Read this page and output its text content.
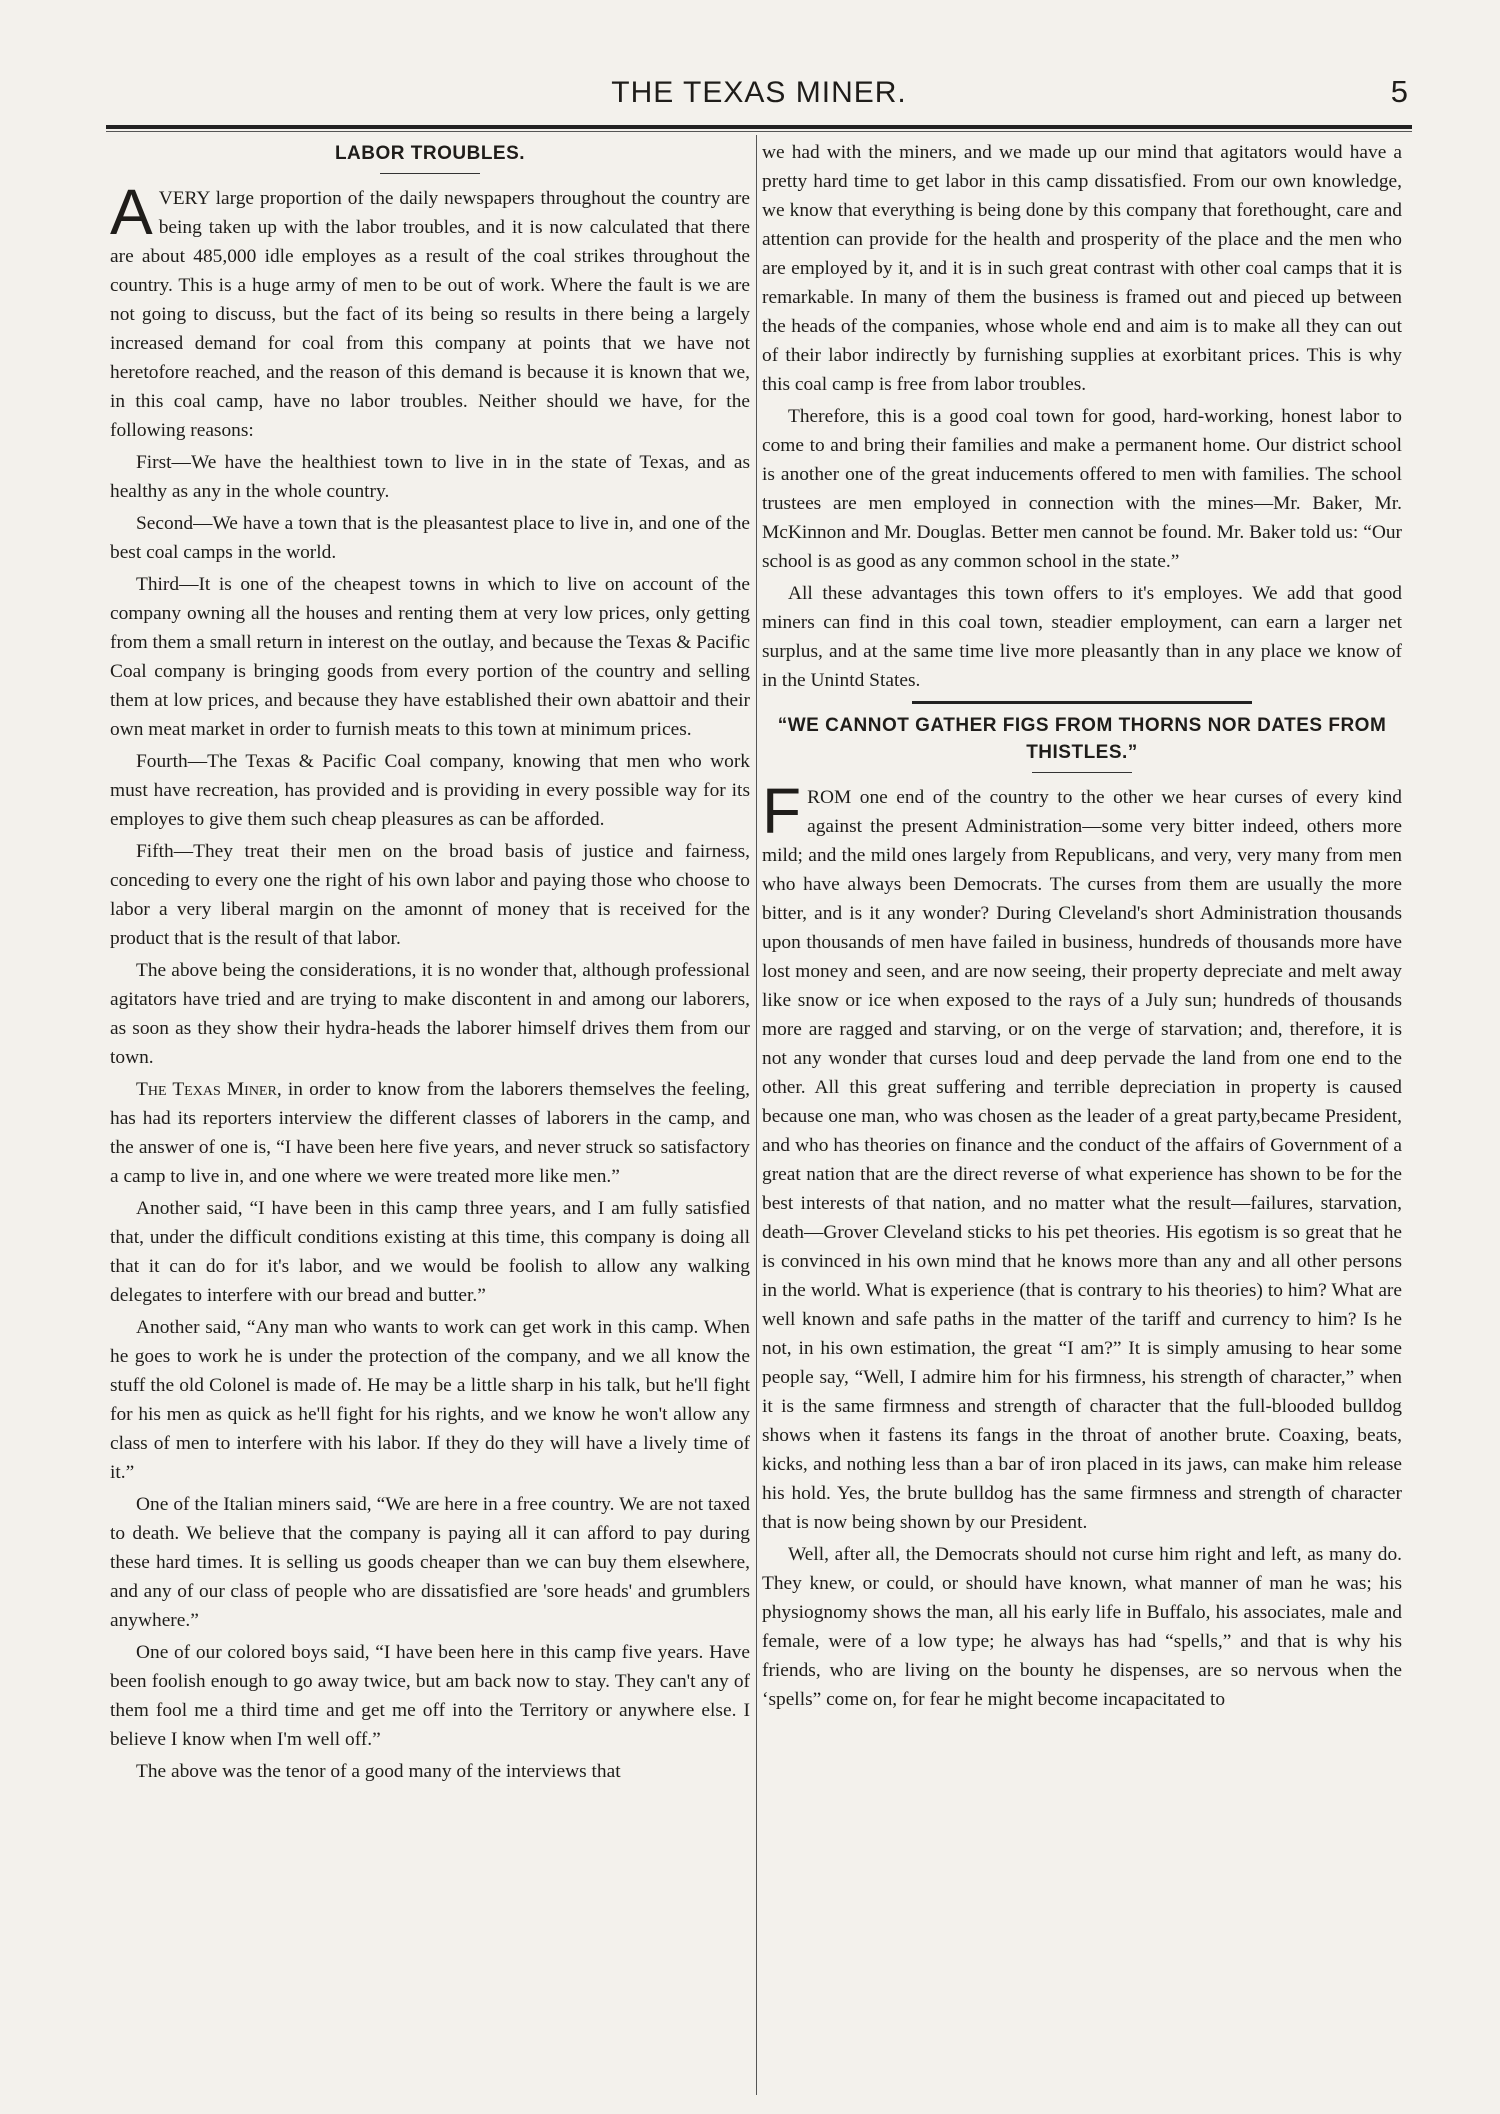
THE TEXAS MINER.	5
LABOR TROUBLES.

AVERY large proportion of the daily newspapers throughout the country are being taken up with the labor troubles, and it is now calculated that there are about 485,000 idle employes as a result of the coal strikes throughout the country. This is a huge army of men to be out of work. Where the fault is we are not going to discuss, but the fact of its being so results in there being a largely increased demand for coal from this company at points that we have not heretofore reached, and the reason of this demand is because it is known that we, in this coal camp, have no labor troubles. Neither should we have, for the following reasons:

First—We have the healthiest town to live in in the state of Texas, and as healthy as any in the whole country.

Second—We have a town that is the pleasantest place to live in, and one of the best coal camps in the world.

Third—It is one of the cheapest towns in which to live on account of the company owning all the houses and renting them at very low prices, only getting from them a small return in interest on the outlay, and because the Texas & Pacific Coal company is bringing goods from every portion of the country and selling them at low prices, and because they have established their own abattoir and their own meat market in order to furnish meats to this town at minimum prices.

Fourth—The Texas & Pacific Coal company, knowing that men who work must have recreation, has provided and is providing in every possible way for its employes to give them such cheap pleasures as can be afforded.

Fifth—They treat their men on the broad basis of justice and fairness, conceding to every one the right of his own labor and paying those who choose to labor a very liberal margin on the amonnt of money that is received for the product that is the result of that labor.

The above being the considerations, it is no wonder that, although professional agitators have tried and are trying to make discontent in and among our laborers, as soon as they show their hydra-heads the laborer himself drives them from our town.

The Texas Miner, in order to know from the laborers themselves the feeling, has had its reporters interview the different classes of laborers in the camp, and the answer of one is, “I have been here five years, and never struck so satisfactory a camp to live in, and one where we were treated more like men.”

Another said, “I have been in this camp three years, and I am fully satisfied that, under the difficult conditions existing at this time, this company is doing all that it can do for it's labor, and we would be foolish to allow any walking delegates to interfere with our bread and butter.”

Another said, “Any man who wants to work can get work in this camp. When he goes to work he is under the protection of the company, and we all know the stuff the old Colonel is made of. He may be a little sharp in his talk, but he'll fight for his men as quick as he'll fight for his rights, and we know he won't allow any class of men to interfere with his labor. If they do they will have a lively time of it.”

One of the Italian miners said, “We are here in a free country. We are not taxed to death. We believe that the company is paying all it can afford to pay during these hard times. It is selling us goods cheaper than we can buy them elsewhere, and any of our class of people who are dissatisfied are 'sore heads' and grumblers anywhere.”

One of our colored boys said, “I have been here in this camp five years. Have been foolish enough to go away twice, but am back now to stay. They can't any of them fool me a third time and get me off into the Territory or anywhere else. I believe I know when I'm well off.”

The above was the tenor of a good many of the interviews that

we had with the miners, and we made up our mind that agitators would have a pretty hard time to get labor in this camp dissatisfied. From our own knowledge, we know that everything is being done by this company that forethought, care and attention can provide for the health and prosperity of the place and the men who are employed by it, and it is in such great contrast with other coal camps that it is remarkable. In many of them the business is framed out and pieced up between the heads of the companies, whose whole end and aim is to make all they can out of their labor indirectly by furnishing supplies at exorbitant prices. This is why this coal camp is free from labor troubles.

Therefore, this is a good coal town for good, hard-working, honest labor to come to and bring their families and make a permanent home. Our district school is another one of the great inducements offered to men with families. The school trustees are men employed in connection with the mines—Mr. Baker, Mr. McKinnon and Mr. Douglas. Better men cannot be found. Mr. Baker told us: “Our school is as good as any common school in the state.”

All these advantages this town offers to it's employes. We add that good miners can find in this coal town, steadier employment, can earn a larger net surplus, and at the same time live more pleasantly than in any place we know of in the Unintd States.

“WE CANNOT GATHER FIGS FROM THORNS NOR DATES FROM THISTLES.”

FROM one end of the country to the other we hear curses of every kind against the present Administration—some very bitter indeed, others more mild; and the mild ones largely from Republicans, and very, very many from men who have always been Democrats. The curses from them are usually the more bitter, and is it any wonder? During Cleveland's short Administration thousands upon thousands of men have failed in business, hundreds of thousands more have lost money and seen, and are now seeing, their property depreciate and melt away like snow or ice when exposed to the rays of a July sun; hundreds of thousands more are ragged and starving, or on the verge of starvation; and, therefore, it is not any wonder that curses loud and deep pervade the land from one end to the other. All this great suffering and terrible depreciation in property is caused because one man, who was chosen as the leader of a great party,became President, and who has theories on finance and the conduct of the affairs of Government of a great nation that are the direct reverse of what experience has shown to be for the best interests of that nation, and no matter what the result—failures, starvation, death—Grover Cleveland sticks to his pet theories. His egotism is so great that he is convinced in his own mind that he knows more than any and all other persons in the world. What is experience (that is contrary to his theories) to him? What are well known and safe paths in the matter of the tariff and currency to him? Is he not, in his own estimation, the great “I am?” It is simply amusing to hear some people say, “Well, I admire him for his firmness, his strength of character,” when it is the same firmness and strength of character that the full-blooded bulldog shows when it fastens its fangs in the throat of another brute. Coaxing, beats, kicks, and nothing less than a bar of iron placed in its jaws, can make him release his hold. Yes, the brute bulldog has the same firmness and strength of character that is now being shown by our President.

Well, after all, the Democrats should not curse him right and left, as many do. They knew, or could, or should have known, what manner of man he was; his physiognomy shows the man, all his early life in Buffalo, his associates, male and female, were of a low type; he always has had “spells,” and that is why his friends, who are living on the bounty he dispenses, are so nervous when the ‘spells” come on, for fear he might become incapacitated to
